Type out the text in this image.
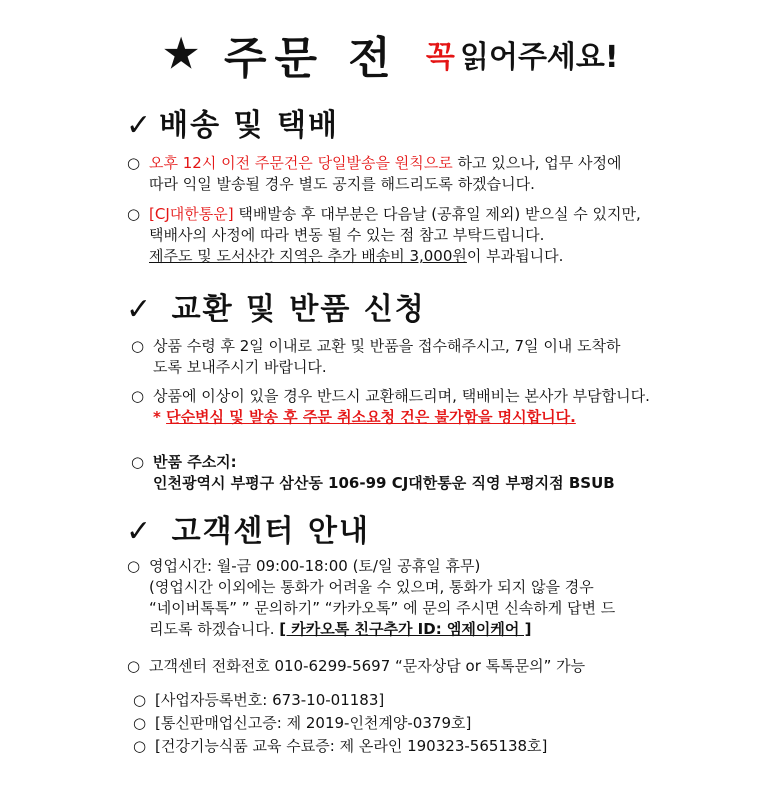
★ 주문 전 꼭 읽어주세요!
✓ 배송 및 택배
○ 오후 12시 이전 주문건은 당일발송을 원칙으로 하고 있으나, 업무 사정에
따라 익일 발송될 경우 별도 공지를 해드리도록 하겠습니다.
○ [CJ대한통운] 택배발송 후 대부분은 다음날 (공휴일 제외) 받으실 수 있지만,
택배사의 사정에 따라 변동 될 수 있는 점 참고 부탁드립니다.
제주도 및 도서산간 지역은 추가 배송비 3,000원이 부과됩니다.
✓ 교환 및 반품 신청
○ 상품 수령 후 2일 이내로 교환 및 반품을 접수해주시고, 7일 이내 도착하
도록 보내주시기 바랍니다.
○ 상품에 이상이 있을 경우 반드시 교환해드리며, 택배비는 본사가 부담합니다.
* 단순변심 및 발송 후 주문 취소요청 건은 불가함을 명시합니다.
○ 반품 주소지:
인천광역시 부평구 삼산동 106-99 CJ대한통운 직영 부평지점 BSUB
✓ 고객센터 안내
○ 영업시간: 월-금 09:00-18:00 (토/일 공휴일 휴무)
(영업시간 이외에는 통화가 어려울 수 있으며, 통화가 되지 않을 경우
“네이버톡톡” ” 문의하기” “카카오톡” 에 문의 주시면 신속하게 답변 드
리도록 하겠습니다. [ 카카오톡 친구추가 ID: 엠제이케어 ]
○ 고객센터 전화전호 010-6299-5697 “문자상담 or 톡톡문의” 가능
○ [사업자등록번호: 673-10-01183]
○ [통신판매업신고증: 제 2019-인천계양-0379호]
○ [건강기능식품 교육 수료증: 제 온라인 190323-565138호]
